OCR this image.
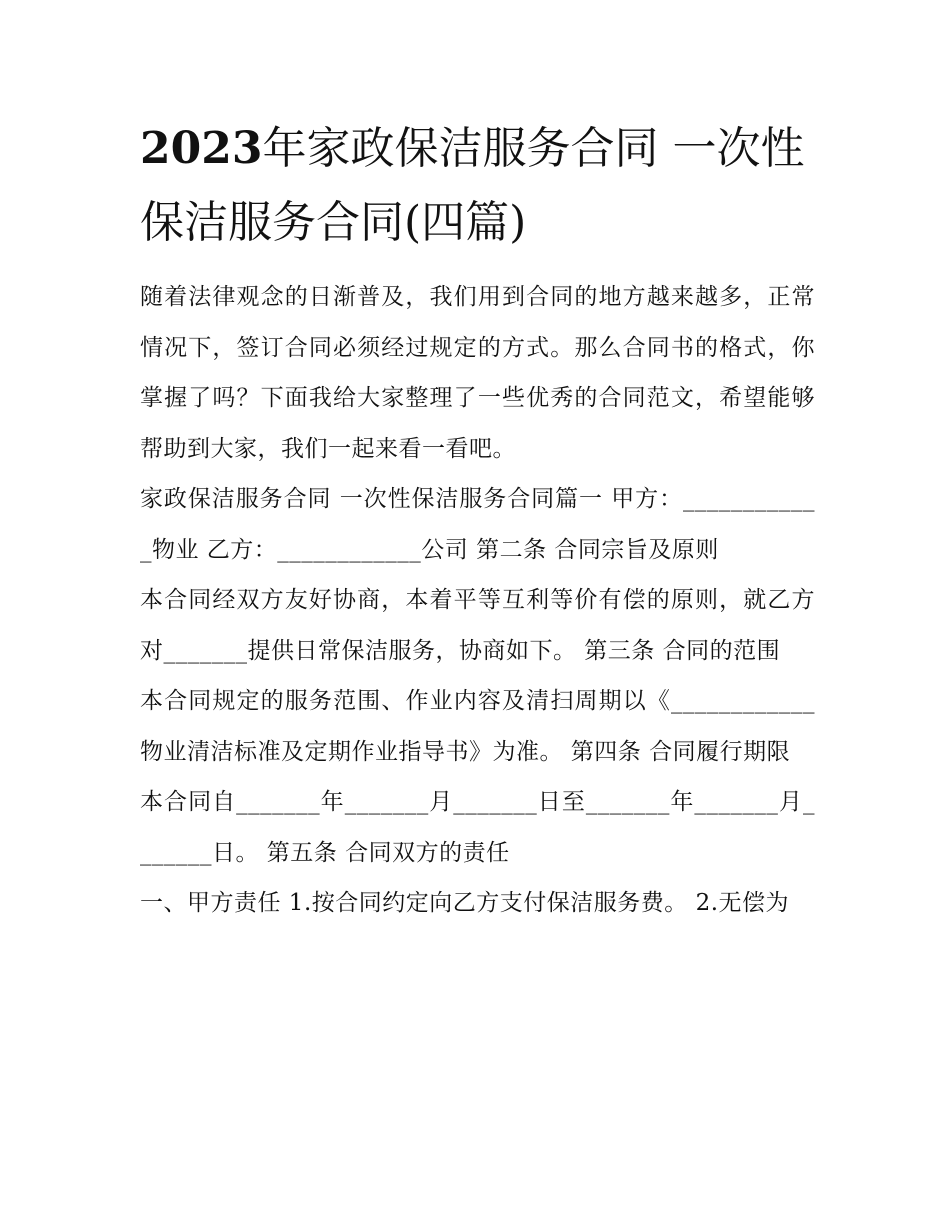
2023年家政保洁服务合同 一次性保洁服务合同(四篇)

随着法律观念的日渐普及，我们用到合同的地方越来越多，正常情况下，签订合同必须经过规定的方式。那么合同书的格式，你掌握了吗？下面我给大家整理了一些优秀的合同范文，希望能够帮助到大家，我们一起来看一看吧。

家政保洁服务合同 一次性保洁服务合同篇一 甲方：____________物业 乙方：____________公司 第二条 合同宗旨及原则

本合同经双方友好协商，本着平等互利等价有偿的原则，就乙方对_______提供日常保洁服务，协商如下。 第三条 合同的范围

本合同规定的服务范围、作业内容及清扫周期以《____________物业清洁标准及定期作业指导书》为准。 第四条 合同履行期限

本合同自_______年_______月_______日至_______年_______月_______日。 第五条 合同双方的责任

一、甲方责任 1.按合同约定向乙方支付保洁服务费。 2.无偿为
